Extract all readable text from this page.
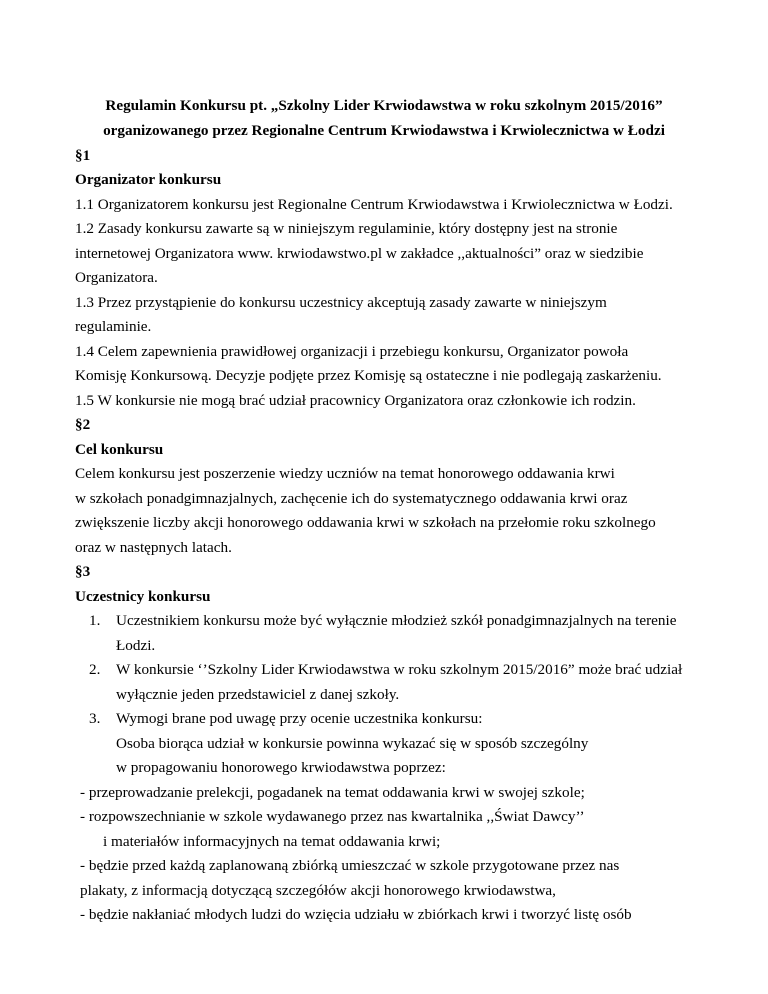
Regulamin Konkursu pt. „Szkolny Lider Krwiodawstwa w roku szkolnym 2015/2016”
organizowanego przez Regionalne Centrum Krwiodawstwa i Krwiolecznictwa w Łodzi
§1
Organizator konkursu
1.1 Organizatorem konkursu jest Regionalne Centrum Krwiodawstwa i Krwiolecznictwa w Łodzi.
1.2 Zasady konkursu zawarte są w niniejszym regulaminie, który dostępny jest na stronie
internetowej Organizatora www. krwiodawstwo.pl w zakładce ,,aktualności” oraz w siedzibie
Organizatora.
1.3 Przez przystąpienie do konkursu uczestnicy akceptują zasady zawarte w niniejszym
regulaminie.
1.4 Celem zapewnienia prawidłowej organizacji i przebiegu konkursu, Organizator powoła
Komisję Konkursową. Decyzje podjęte przez Komisję są ostateczne i nie podlegają zaskarżeniu.
1.5 W konkursie nie mogą brać udział pracownicy Organizatora oraz członkowie ich rodzin.
§2
Cel konkursu
Celem konkursu jest poszerzenie wiedzy uczniów na temat honorowego oddawania krwi
w szkołach ponadgimnazjalnych, zachęcenie ich do systematycznego oddawania krwi oraz
zwiększenie liczby akcji honorowego oddawania krwi w szkołach na przełomie roku szkolnego
oraz w następnych latach.
§3
Uczestnicy konkursu
1. Uczestnikiem konkursu może być wyłącznie młodzież szkół ponadgimnazjalnych na terenie
Łodzi.
2. W konkursie ‘’Szkolny Lider Krwiodawstwa w roku szkolnym 2015/2016” może brać udział
wyłącznie jeden przedstawiciel z danej szkoły.
3. Wymogi brane pod uwagę przy ocenie uczestnika konkursu:
Osoba biorąca udział w konkursie powinna wykazać się w sposób szczególny
w propagowaniu honorowego krwiodawstwa poprzez:
- przeprowadzanie prelekcji, pogadanek na temat oddawania krwi w swojej szkole;
- rozpowszechnianie w szkole wydawanego przez nas kwartalnika ,,Świat Dawcy’’
i materiałów informacyjnych na temat oddawania krwi;
- będzie przed każdą zaplanowaną zbiórką umieszczać w szkole przygotowane przez nas
plakaty, z informacją dotyczącą szczegółów akcji honorowego krwiodawstwa,
- będzie nakłaniać młodych ludzi do wzięcia udziału w zbiórkach krwi i tworzyć listę osób
